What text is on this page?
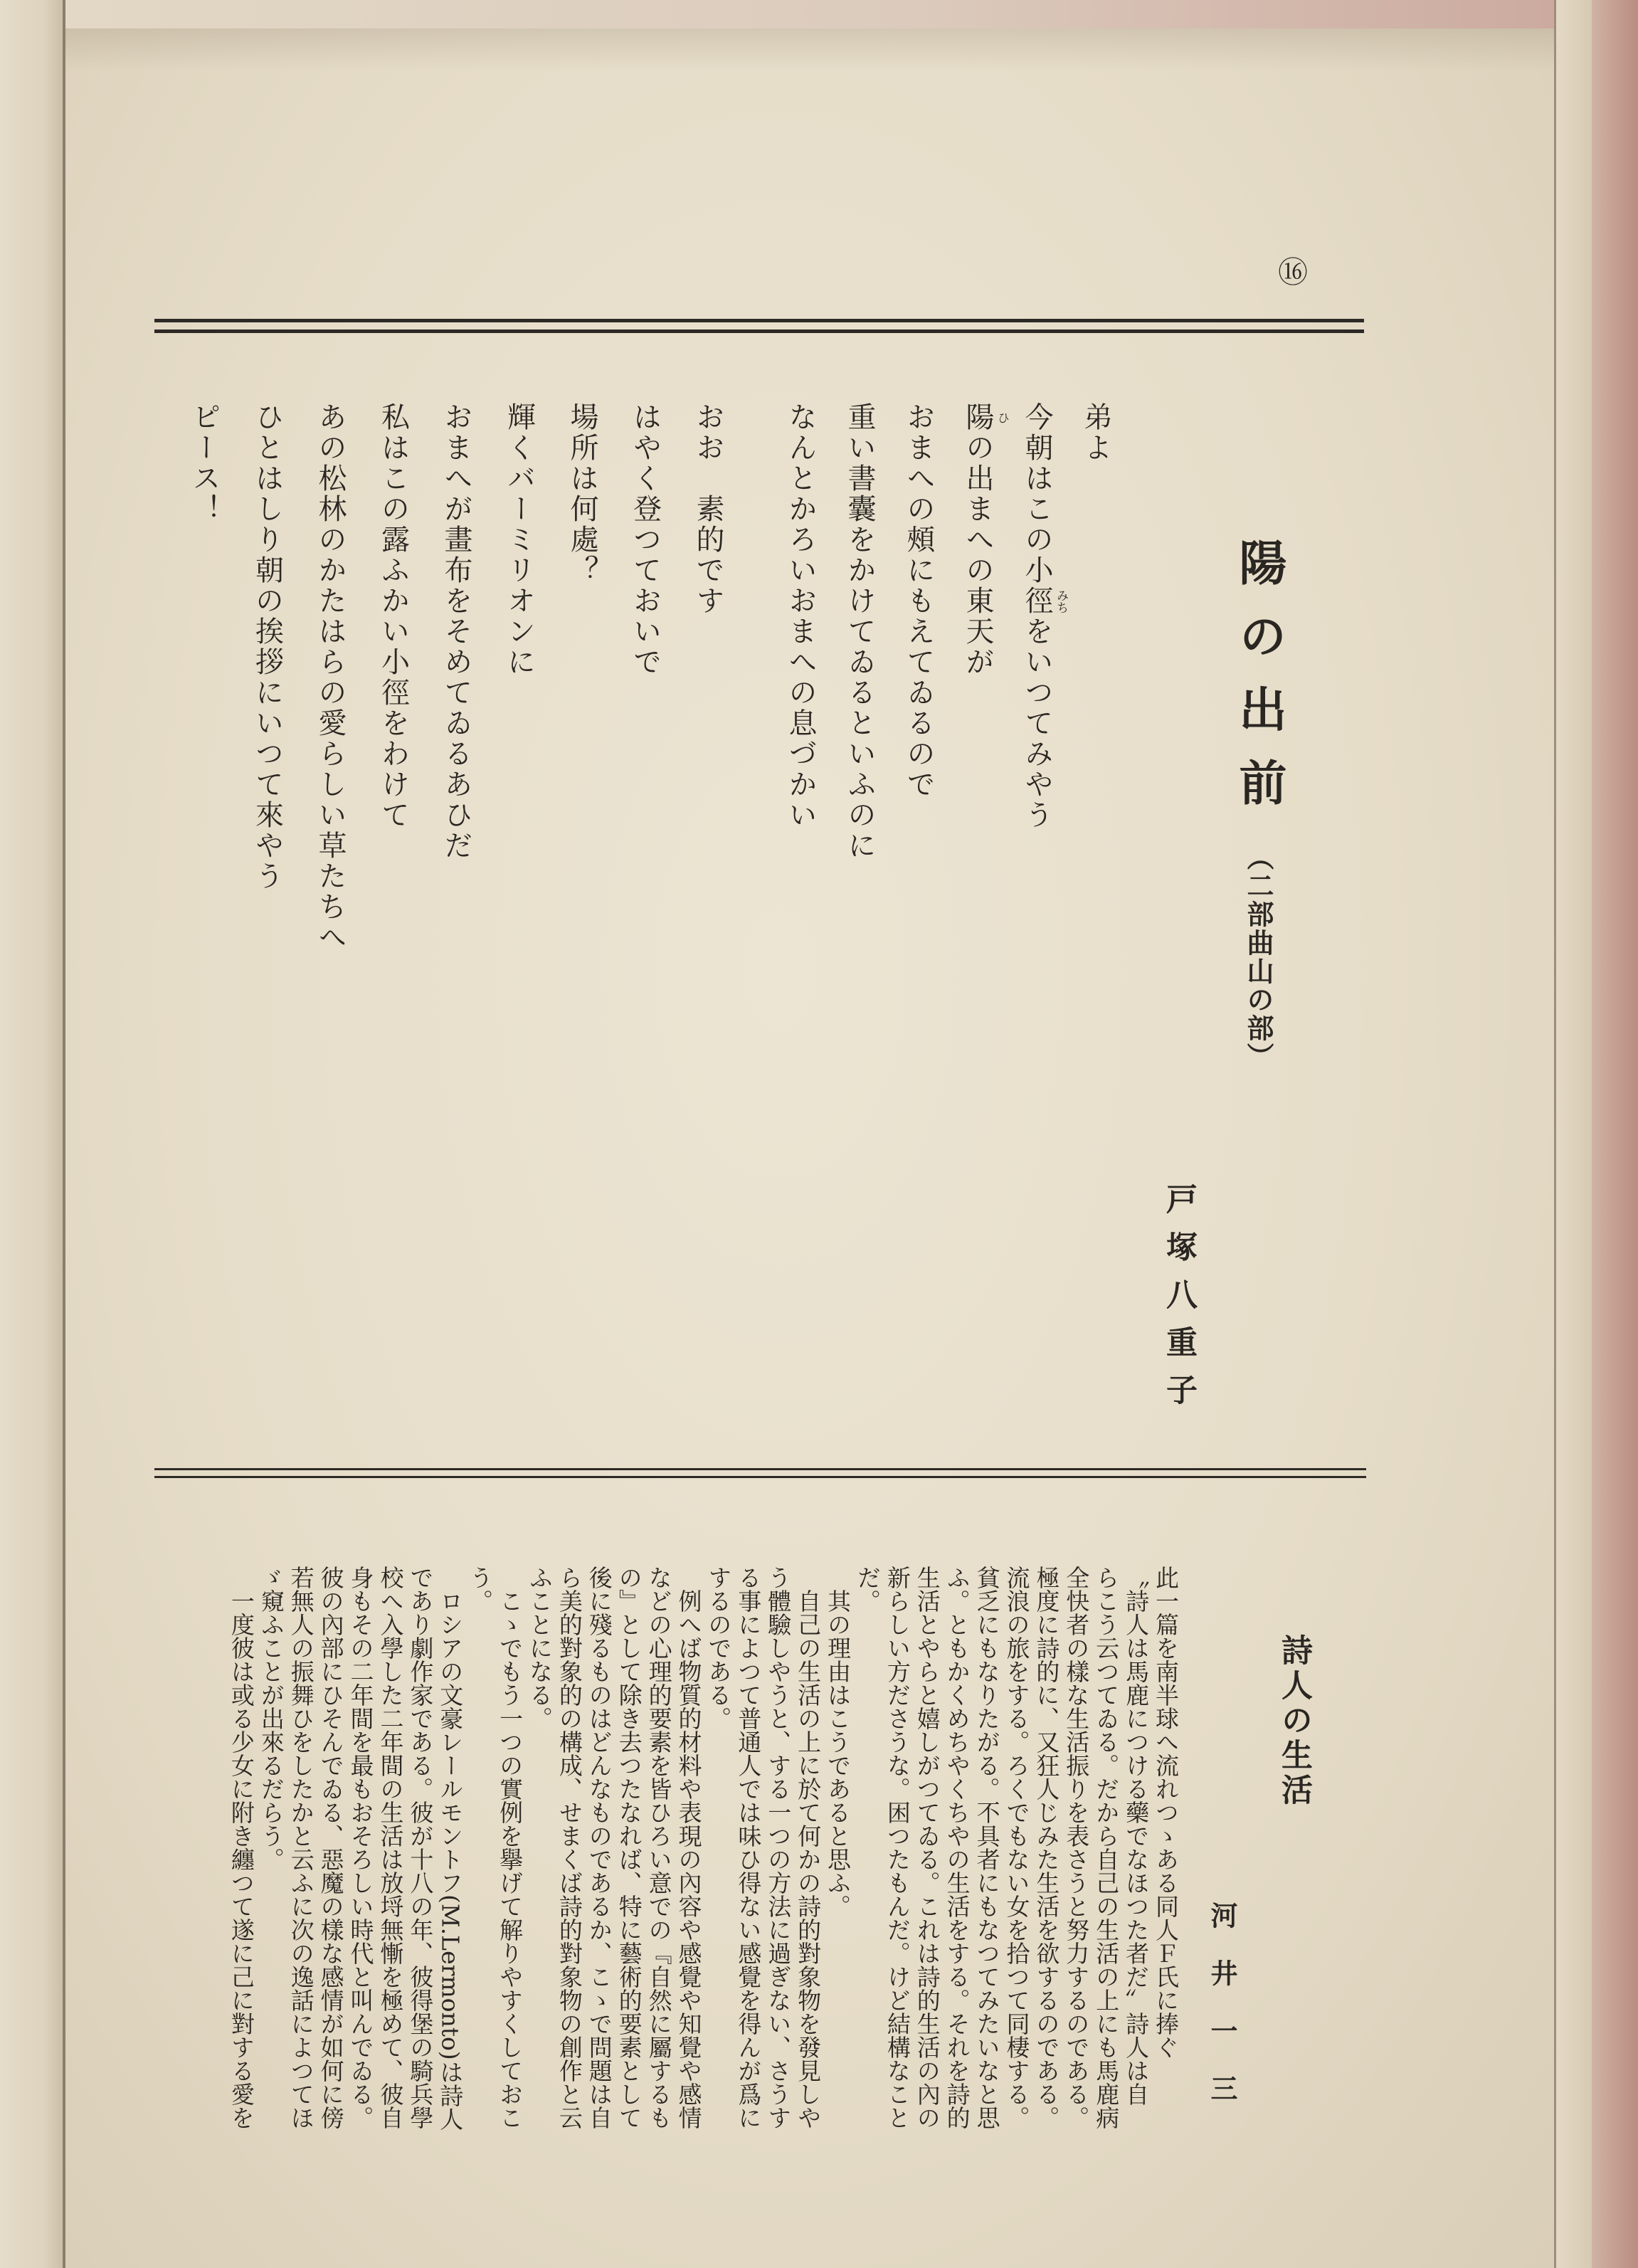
⑯
陽の出前
（二部曲山の部）
戸塚八重子
弟よ
今朝はこの小徑 みち
をいつてみやう
陽 ひ
の出まへの東天が
おまへの頰にもえてゐるので
重い書囊をかけてゐるといふのに
なんとかろいおまへの息づかい
おお　素的です
はやく登つておいで
場所は何處？
輝くバーミリオンに
おまへが畫布をそめてゐるあひだ
私はこの露ふかい小徑をわけて
あの松林のかたはらの愛らしい草たちへ
ひとはしり朝の挨拶にいつて來やう
ピース！
詩人の生活
河井一三
此一篇を南半球へ流れつゝある同人Ｆ氏に捧ぐ
〝詩人は馬鹿につける藥でなほつた者だ〟詩人は自
らこう云つてゐる。だから自己の生活の上にも馬鹿病
全快者の樣な生活振りを表さうと努力するのである。
極度に詩的に、又狂人じみた生活を欲するのである。
流浪の旅をする。ろくでもない女を拾つて同棲する。
貧乏にもなりたがる。不具者にもなつてみたいなと思
ふ。ともかくめちやくちやの生活をする。それを詩的
生活とやらと嬉しがつてゐる。これは詩的生活の內の
新らしい方ださうな。困つたもんだ。けど結構なこと
だ。
其の理由はこうであると思ふ。
自己の生活の上に於て何かの詩的對象物を發見しや
う體驗しやうと、する一つの方法に過ぎない、さうす
る事によつて普通人では味ひ得ない感覺を得んが爲に
するのである。
例へば物質的材料や表現の內容や感覺や知覺や感情
などの心理的要素を皆ひろい意での『自然に屬するも
の』として除き去つたなれば、特に藝術的要素として
後に殘るものはどんなものであるか、こゝで問題は自
ら美的對象的の構成、せまくば詩的對象物の創作と云
ふことになる。
こゝでもう一つの實例を擧げて解りやすくしておこ
う。
ロシアの文豪レールモントフ(M.Lermonto)は詩人
であり劇作家である。彼が十八の年、彼得堡の騎兵學
校へ入學した二年間の生活は放埒無慚を極めて、彼自
身もその二年間を最もおそろしい時代と叫んでゐる。
彼の內部にひそんでゐる、惡魔の樣な感情が如何に傍
若無人の振舞ひをしたかと云ふに次の逸話によつてほ
ゞ窺ふことが出來るだらう。
一度彼は或る少女に附き纏つて遂に己に對する愛を
